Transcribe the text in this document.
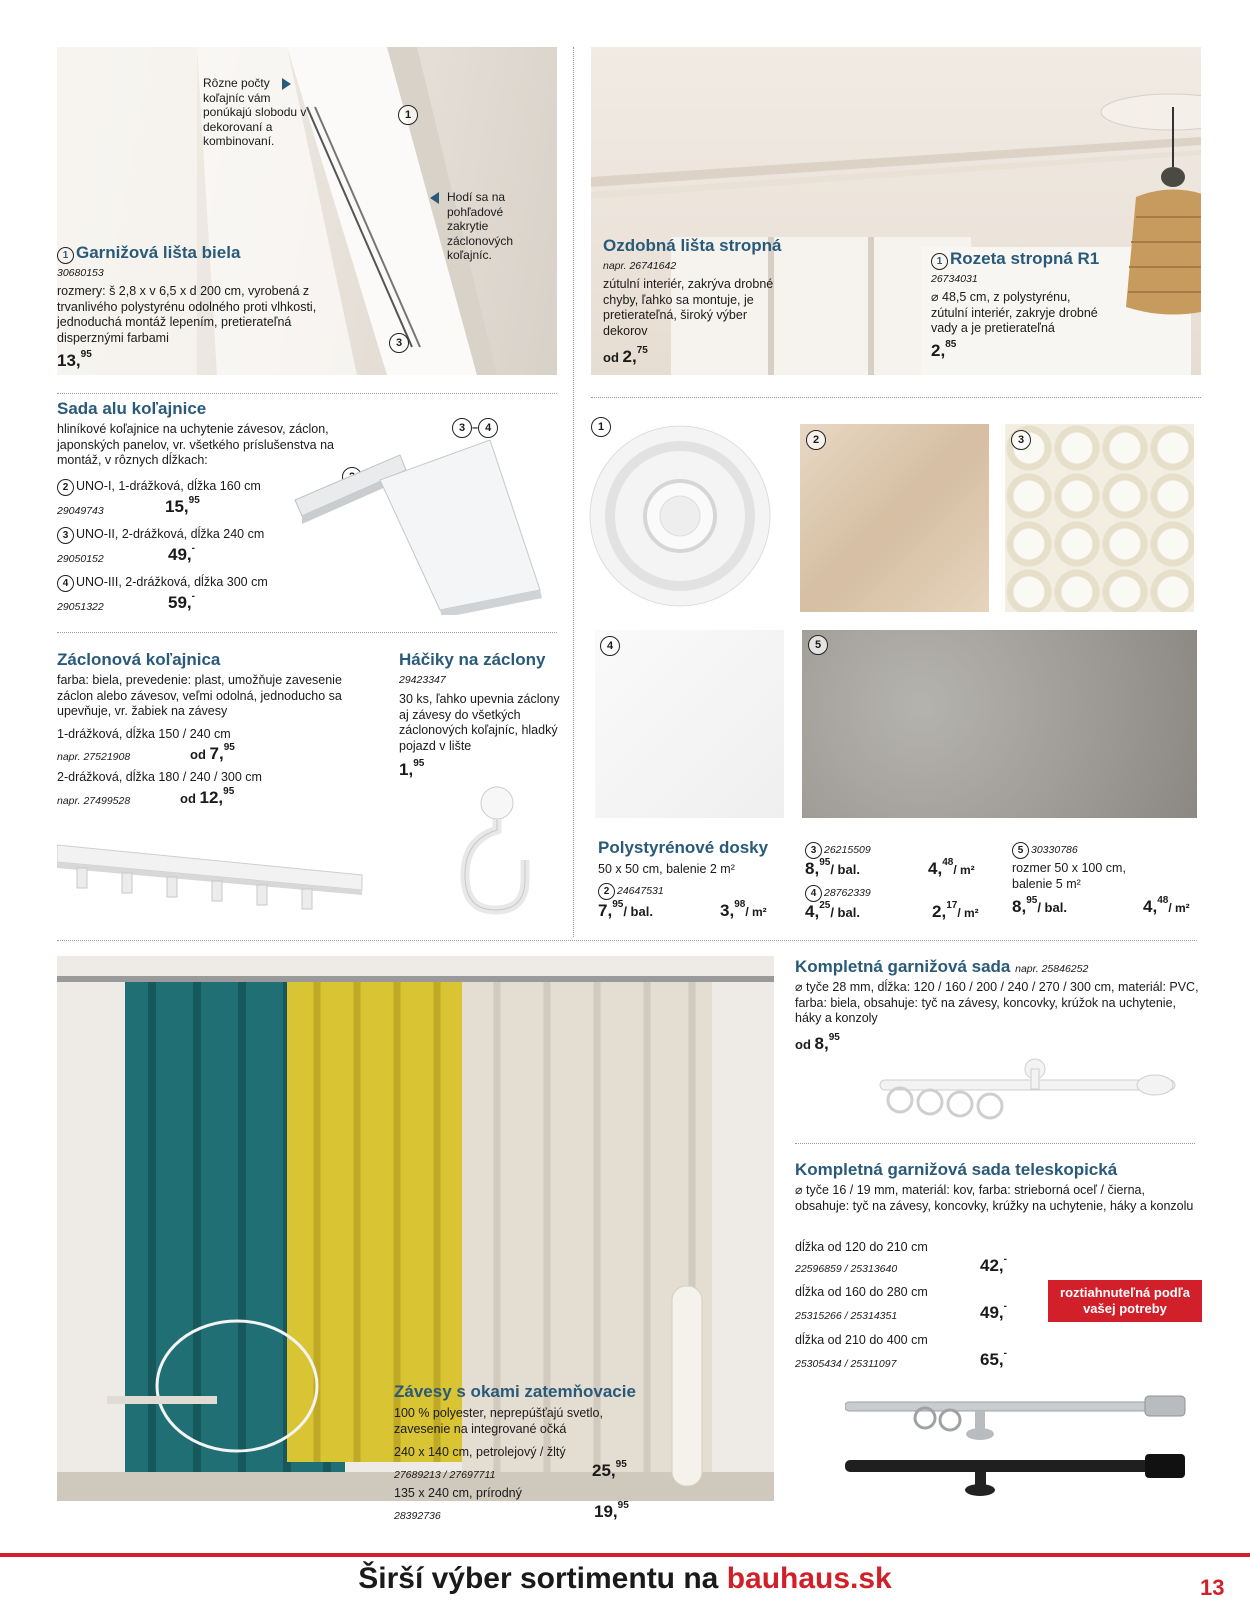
1
3
Rôzne počty koľajníc vám ponúkajú slobodu v dekorovaní a kombinovaní.
Hodí sa na pohľadové zakrytie záclonových koľajníc.
1 Garnižová lišta biela
30680153
rozmery: š 2,8 x v 6,5 x d 200 cm, vyrobená z trvanlivého polystyrénu odolného proti vlhkosti, jednoduchá montáž lepením, pretierateľná disperznými farbami
13,95
Ozdobná lišta stropná
napr. 26741642
zútulní interiér, zakrýva drobné chyby, ľahko sa montuje, je pretierateľná, široký výber dekorov
od 2,75
1 Rozeta stropná R1
26734031
⌀ 48,5 cm, z polystyrénu, zútulní interiér, zakryje drobné vady a je pretierateľná
2,85
Sada alu koľajnice
hliníkové koľajnice na uchytenie závesov, záclon, japonských panelov, vr. všetkého príslušenstva na montáž, v rôznych dĺžkach:
2 UNO-I, 1-drážková, dĺžka 160 cm
29049743	15,95
3 UNO-II, 2-drážková, dĺžka 240 cm
29050152	49,-
4 UNO-III, 2-drážková, dĺžka 300 cm
29051322	59,-
3 – 4	1
2	3
4	5
Záclonová koľajnica
farba: biela, prevedenie: plast, umožňuje zavesenie záclon alebo závesov, veľmi odolná, jednoducho sa upevňuje, vr. žabiek na závesy
1-drážková, dĺžka 150 / 240 cm
napr. 27521908	od 7,95
2-drážková, dĺžka 180 / 240 / 300 cm
napr. 27499528	od 12,95
Háčiky na záclony
29423347
30 ks, ľahko upevnia záclony aj závesy do všetkých záclonových koľajníc, hladký pojazd v lište
1,95
Polystyrénové dosky
50 x 50 cm, balenie 2 m²
2 24647531
7,95/ bal.	3,98/ m²
3 26215509
8,95/ bal.	4,48/ m²
4 28762339
4,25/ bal.	2,17/ m²
5 30330786
rozmer 50 x 100 cm, balenie 5 m²
8,95/ bal.	4,48/ m²
Závesy s okami zatemňovacie
100 % polyester, neprepúšťajú svetlo, zavesenie na integrované očká
240 x 140 cm, petrolejový / žltý
27689213 / 27697711	25,95
135 x 240 cm, prírodný
28392736	19,95
Kompletná garnižová sada napr. 25846252
⌀ tyče 28 mm, dĺžka: 120 / 160 / 200 / 240 / 270 / 300 cm, materiál: PVC, farba: biela, obsahuje: tyč na závesy, koncovky, krúžok na uchytenie, háky a konzoly
od 8,95
Kompletná garnižová sada teleskopická
⌀ tyče 16 / 19 mm, materiál: kov, farba: strieborná oceľ / čierna, obsahuje: tyč na závesy, koncovky, krúžky na uchytenie, háky a konzolu
dĺžka od 120 do 210 cm
22596859 / 25313640	42,-
dĺžka od 160 do 280 cm
25315266 / 25314351	49,-
dĺžka od 210 do 400 cm
25305434 / 25311097	65,-
roztiahnuteľná podľa vašej potreby
Širší výber sortimentu na bauhaus.sk	13
